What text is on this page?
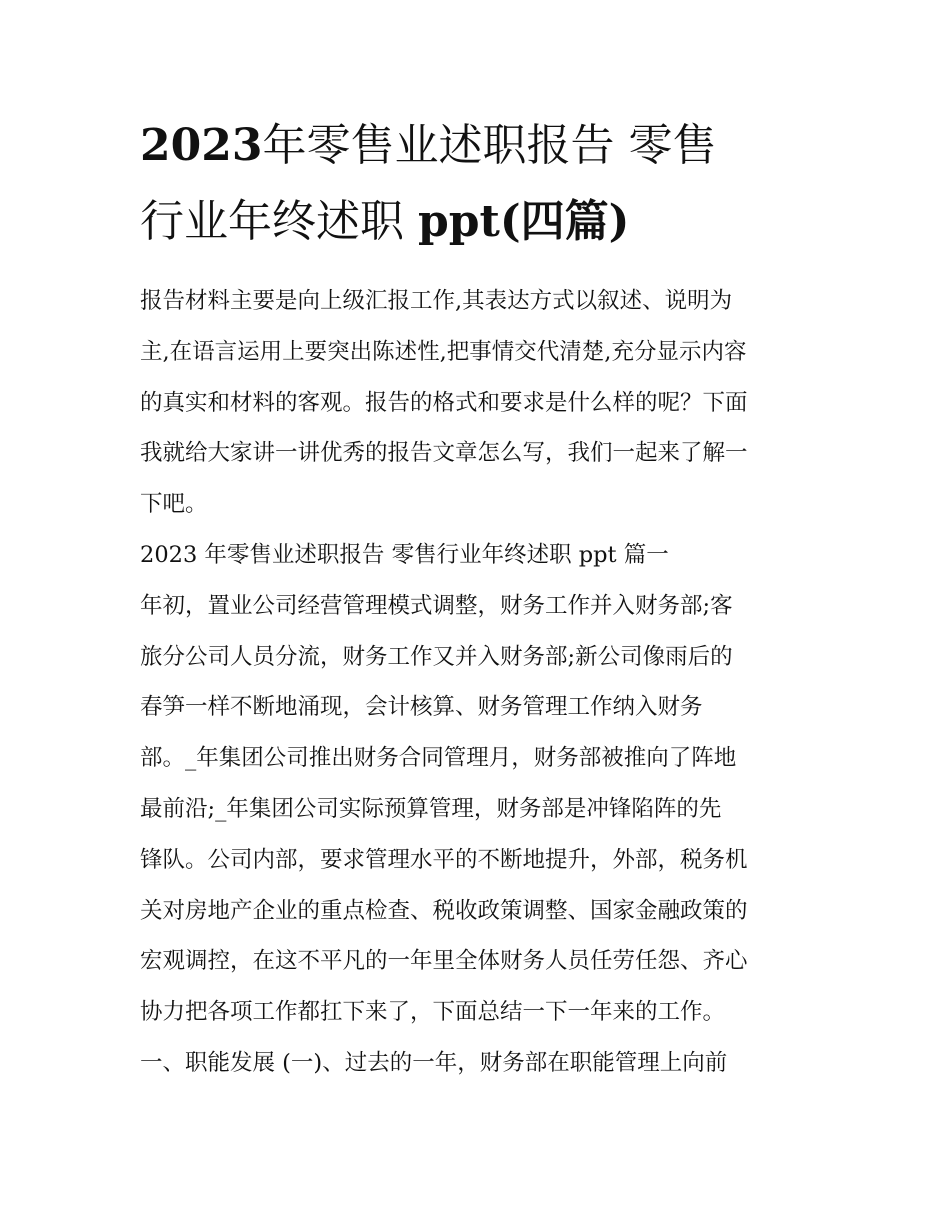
2023年零售业述职报告 零售
行业年终述职 ppt(四篇)
报告材料主要是向上级汇报工作,其表达方式以叙述、说明为
主,在语言运用上要突出陈述性,把事情交代清楚,充分显示内容
的真实和材料的客观。报告的格式和要求是什么样的呢？下面
我就给大家讲一讲优秀的报告文章怎么写，我们一起来了解一
下吧。
2023 年零售业述职报告 零售行业年终述职 ppt 篇一
年初，置业公司经营管理模式调整，财务工作并入财务部;客
旅分公司人员分流，财务工作又并入财务部;新公司像雨后的
春笋一样不断地涌现，会计核算、财务管理工作纳入财务
部。_年集团公司推出财务合同管理月，财务部被推向了阵地
最前沿;_年集团公司实际预算管理，财务部是冲锋陷阵的先
锋队。公司内部，要求管理水平的不断地提升，外部，税务机
关对房地产企业的重点检查、税收政策调整、国家金融政策的
宏观调控，在这不平凡的一年里全体财务人员任劳任怨、齐心
协力把各项工作都扛下来了，下面总结一下一年来的工作。
一、职能发展 (一)、过去的一年，财务部在职能管理上向前
